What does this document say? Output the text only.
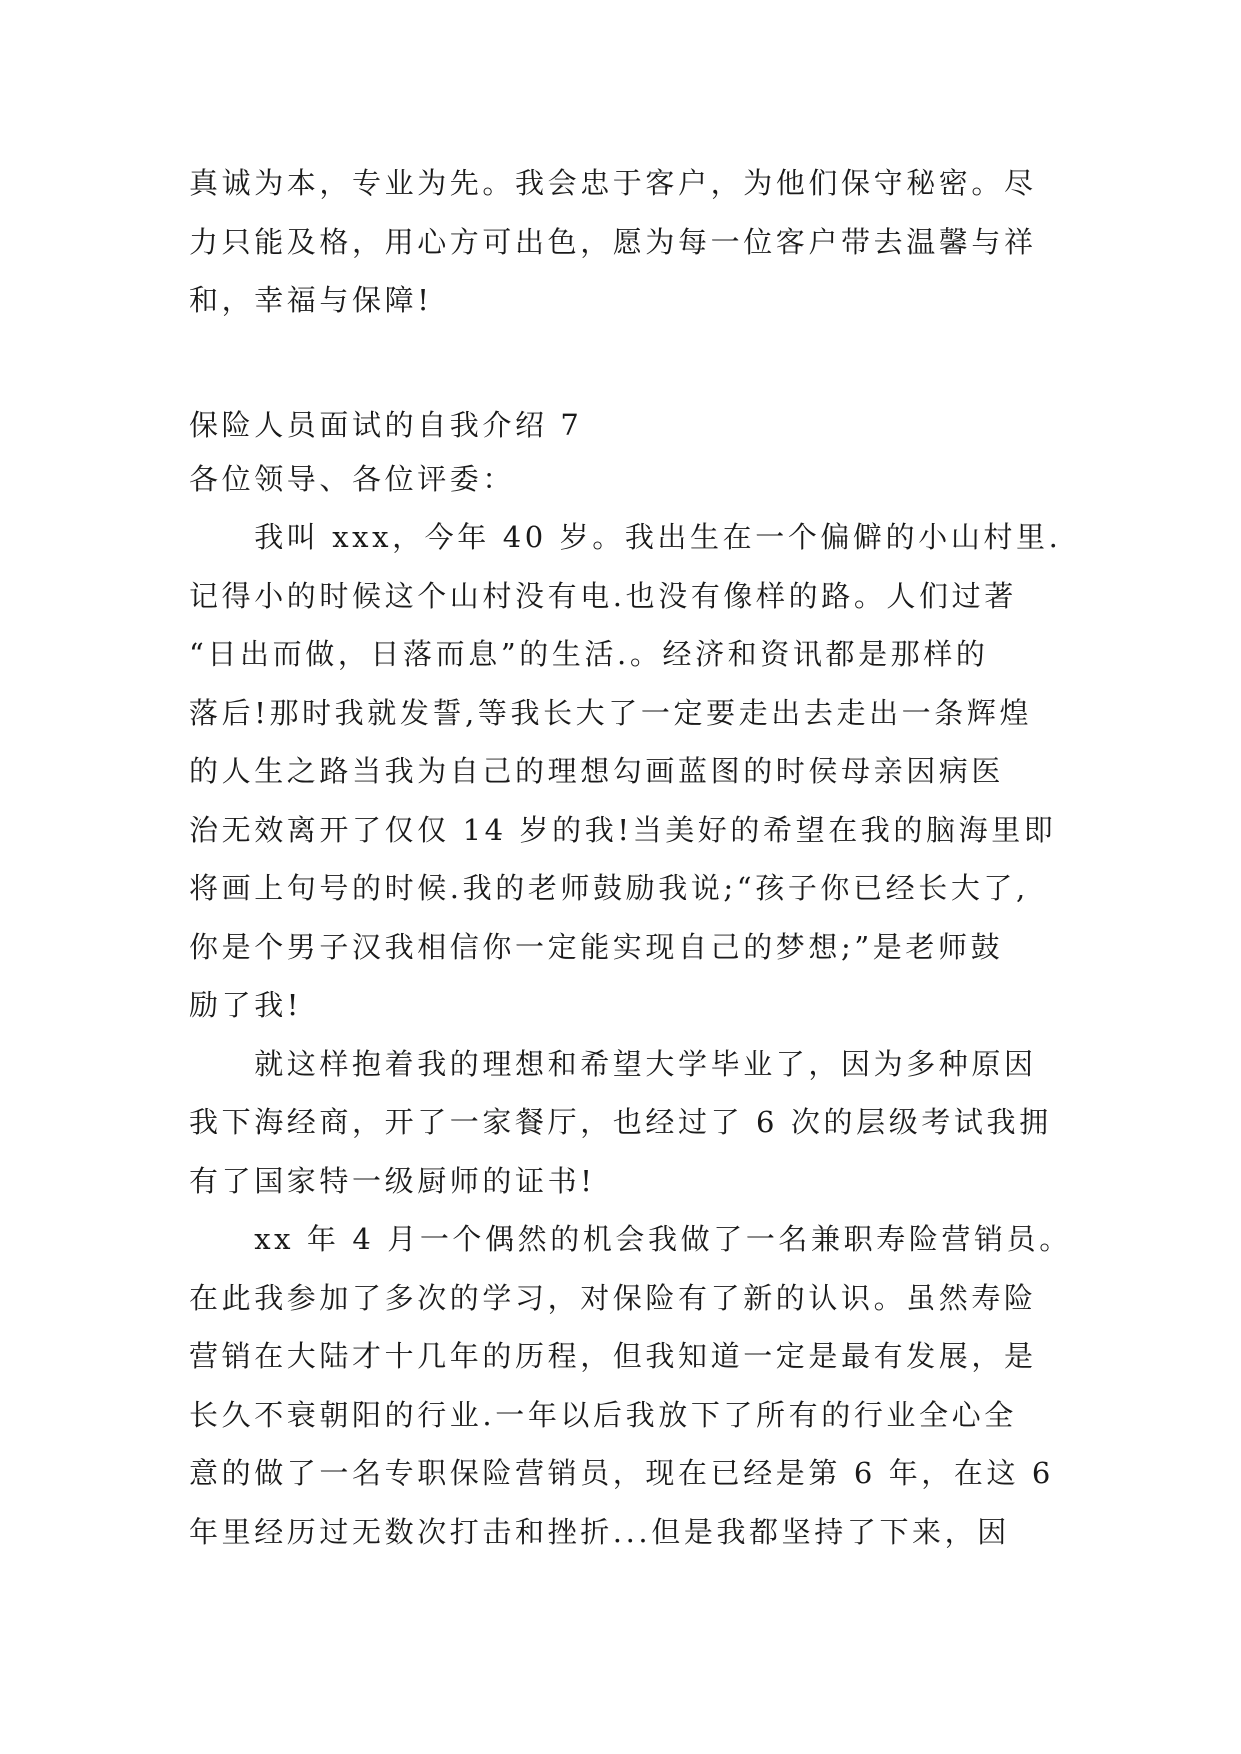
真诚为本，专业为先。我会忠于客户，为他们保守秘密。尽
力只能及格，用心方可出色，愿为每一位客户带去温馨与祥
和，幸福与保障!
保险人员面试的自我介绍 7
各位领导、各位评委：
　　我叫 xxx，今年 40 岁。我出生在一个偏僻的小山村里.
记得小的时候这个山村没有电.也没有像样的路。人们过著
“日出而做，日落而息”的生活.。经济和资讯都是那样的
落后!那时我就发誓,等我长大了一定要走出去走出一条辉煌
的人生之路当我为自己的理想勾画蓝图的时侯母亲因病医
治无效离开了仅仅 14 岁的我!当美好的希望在我的脑海里即
将画上句号的时候.我的老师鼓励我说;“孩子你已经长大了,
你是个男子汉我相信你一定能实现自己的梦想;”是老师鼓
励了我!
　　就这样抱着我的理想和希望大学毕业了，因为多种原因
我下海经商，开了一家餐厅，也经过了 6 次的层级考试我拥
有了国家特一级厨师的证书!
　　xx 年 4 月一个偶然的机会我做了一名兼职寿险营销员。
在此我参加了多次的学习，对保险有了新的认识。虽然寿险
营销在大陆才十几年的历程，但我知道一定是最有发展，是
长久不衰朝阳的行业.一年以后我放下了所有的行业全心全
意的做了一名专职保险营销员，现在已经是第 6 年，在这 6
年里经历过无数次打击和挫折...但是我都坚持了下来，因
